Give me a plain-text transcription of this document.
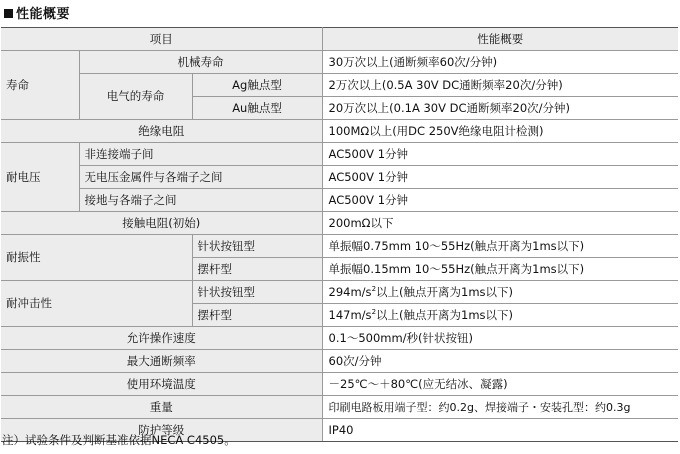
性能概要
项目			性能概要
寿命	机械寿命		30万次以上(通断频率60次/分钟)
	电气的寿命	Ag触点型	2万次以上(0.5A 30V DC通断频率20次/分钟)
		Au触点型	20万次以上(0.1A 30V DC通断频率20次/分钟)
绝缘电阻			100MΩ以上(用DC 250V绝缘电阻计检测)
耐电压	非连接端子间		AC500V 1分钟
	无电压金属件与各端子之间		AC500V 1分钟
	接地与各端子之间		AC500V 1分钟
接触电阻(初始)			200mΩ以下
耐振性		针状按钮型	单振幅0.75mm 10～55Hz(触点开离为1ms以下)
		摆杆型	单振幅0.15mm 10～55Hz(触点开离为1ms以下)
耐冲击性		针状按钮型	$294m/s^2$以上(触点开离为1ms以下)
		摆杆型	$147m/s^2$以上(触点开离为1ms以下)
允许操作速度			0.1～500mm/秒(针状按钮)
最大通断频率			60次/分钟
使用环境温度			－25℃～＋80℃(应无结冰、凝露)
重量			印刷电路板用端子型：约0.2g、焊接端子・安装孔型：约0.3g
防护等级			IP40
注）试验条件及判断基准依据NECA C4505。
